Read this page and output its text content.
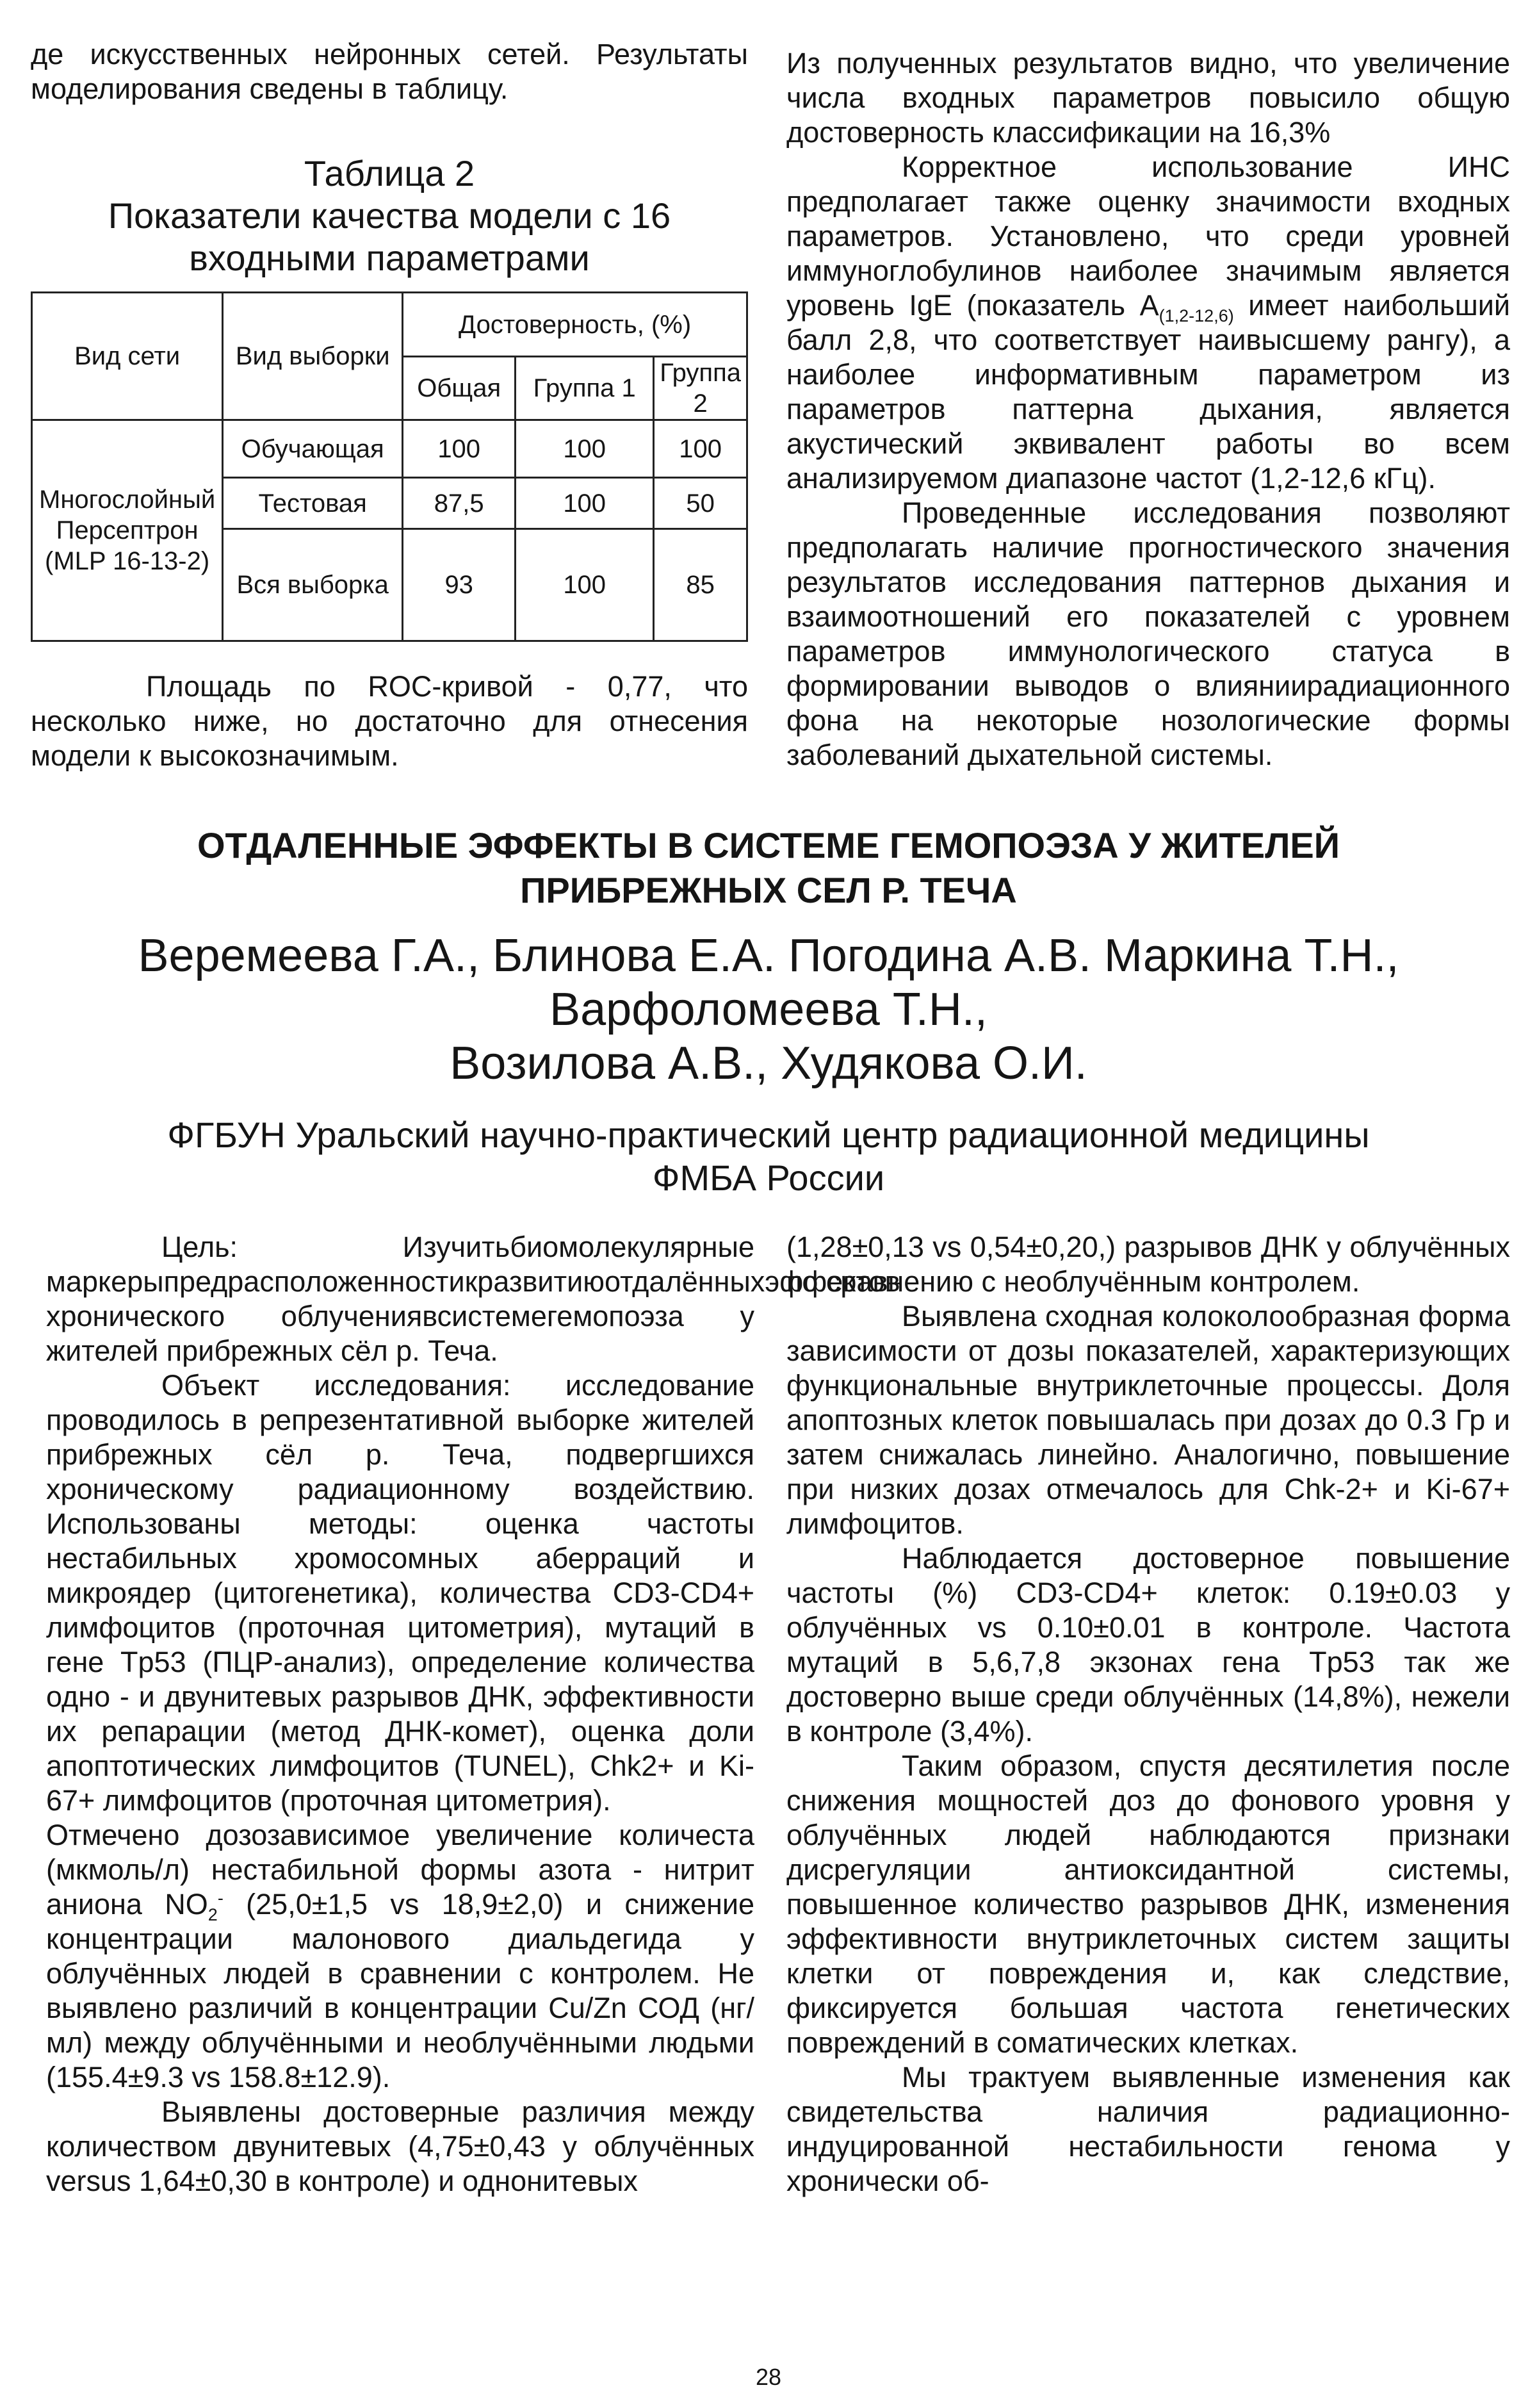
де искусственных нейронных сетей. Результаты моделирования сведены в таблицу.

Таблица 2
Показатели качества модели с 16 входными параметрами
Вид сети	Вид выборки	Достоверность, (%)		
		Общая	Группа 1	Группа 2
Многослойный Персептрон (MLP 16-13-2)	Обучающая	100	100	100
	Тестовая	87,5	100	50
	Вся выборка	93	100	85

Площадь по ROC-кривой - 0,77, что несколько ниже, но достаточно для отнесения модели к высокозначимым.

Из полученных результатов видно, что увеличение числа входных параметров повысило общую достоверность классификации на 16,3%

Корректное использование ИНС предполагает также оценку значимости входных параметров. Установлено, что среди уровней иммуноглобулинов наиболее значимым является уровень IgE (показатель $А_{(1,2-12,6)}$ имеет наибольший балл 2,8, что соответствует наивысшему рангу), а наиболее информативным параметром из параметров паттерна дыхания, является акустический эквивалент работы во всем анализируемом диапазоне частот (1,2-12,6 кГц).

Проведенные исследования позволяют предполагать наличие прогностического значения результатов исследования паттернов дыхания и взаимоотношений его показателей с уровнем параметров иммунологического статуса в формировании выводов о влияниирадиационного фона на некоторые нозологические формы заболеваний дыхательной системы.

ОТДАЛЕННЫЕ ЭФФЕКТЫ В СИСТЕМЕ ГЕМОПОЭЗА У ЖИТЕЛЕЙ
ПРИБРЕЖНЫХ СЕЛ Р. ТЕЧА
Веремеева Г.А., Блинова Е.А. Погодина А.В. Маркина Т.Н.,
Варфоломеева Т.Н.,
Возилова А.В., Худякова О.И.
ФГБУН Уральский научно-практический центр радиационной медицины
ФМБА России

Цель: Изучитьбиомолекулярные маркерыпредрасположенностикразвитиюотдалённыхэффектов хронического облучениявсистемегемопоэза у жителей прибрежных сёл р. Теча.

Объект исследования: исследование проводилось в репрезентативной выборке жителей прибрежных сёл р. Теча, подвергшихся хроническому радиационному воздействию. Использованы методы: оценка частоты нестабильных хромосомных аберраций и микроядер (цитогенетика), количества CD3-CD4+ лимфоцитов (проточная цитометрия), мутаций в гене Tp53 (ПЦР-анализ), определение количества одно - и двунитевых разрывов ДНК, эффективности их репарации (метод ДНК-комет), оценка доли апоптотических лимфоцитов (TUNEL), Chk2+ и Ki-67+ лимфоцитов (проточная цитометрия).

Отмечено дозозависимое увеличение количеста (мкмоль/л) нестабильной формы азота - нитрит аниона $NO_2^-$ (25,0±1,5 vs 18,9±2,0) и снижение концентрации малонового диальдегида у облучённых людей в сравнении с контролем. Не выявлено различий в концентрации Cu/Zn СОД (нг/мл) между облучёнными и необлучёнными людьми (155.4±9.3 vs 158.8±12.9).

Выявлены достоверные различия между количеством двунитевых (4,75±0,43 у облучённых versus 1,64±0,30 в контроле) и однонитевых

(1,28±0,13 vs 0,54±0,20,) разрывов ДНК у облучённых по сравнению с необлучённым контролем.

Выявлена сходная колоколообразная форма зависимости от дозы показателей, характеризующих функциональные внутриклеточные процессы. Доля апоптозных клеток повышалась при дозах до 0.3 Гр и затем снижалась линейно. Аналогично, повышение при низких дозах отмечалось для Chk-2+ и Ki-67+ лимфоцитов.

Наблюдается достоверное повышение частоты (%) CD3-CD4+ клеток: 0.19±0.03 у облучённых vs 0.10±0.01 в контроле. Частота мутаций в 5,6,7,8 экзонах гена Tp53 так же достоверно выше среди облучённых (14,8%), нежели в контроле (3,4%).

Таким образом, спустя десятилетия после снижения мощностей доз до фонового уровня у облучённых людей наблюдаются признаки дисрегуляции антиоксидантной системы, повышенное количество разрывов ДНК, изменения эффективности внутриклеточных систем защиты клетки от повреждения и, как следствие, фиксируется большая частота генетических повреждений в соматических клетках.

Мы трактуем выявленные изменения как свидетельства наличия радиационно-индуцированной нестабильности генома у хронически об-

28
